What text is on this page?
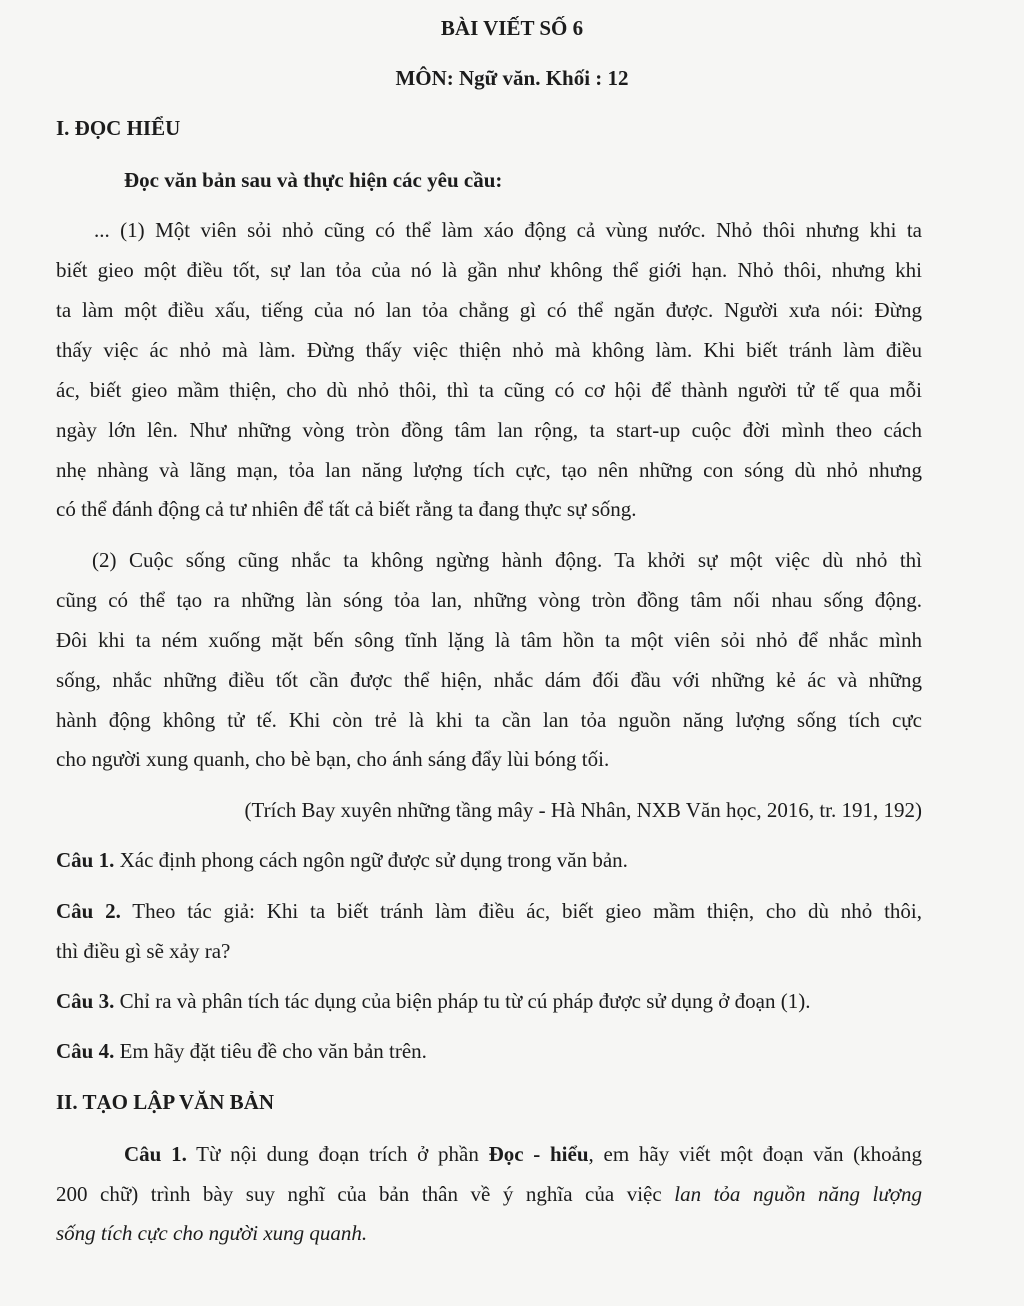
BÀI VIẾT SỐ 6
MÔN: Ngữ văn. Khối : 12
I. ĐỌC HIỂU
Đọc văn bản sau và thực hiện các yêu cầu:
... (1) Một viên sỏi nhỏ cũng có thể làm xáo động cả vùng nước. Nhỏ thôi nhưng khi ta
biết gieo một điều tốt, sự lan tỏa của nó là gần như không thể giới hạn. Nhỏ thôi, nhưng khi
ta làm một điều xấu, tiếng của nó lan tỏa chẳng gì có thể ngăn được. Người xưa nói: Đừng
thấy việc ác nhỏ mà làm. Đừng thấy việc thiện nhỏ mà không làm. Khi biết tránh làm điều
ác, biết gieo mầm thiện, cho dù nhỏ thôi, thì ta cũng có cơ hội để thành người tử tế qua mỗi
ngày lớn lên. Như những vòng tròn đồng tâm lan rộng, ta start-up cuộc đời mình theo cách
nhẹ nhàng và lãng mạn, tỏa lan năng lượng tích cực, tạo nên những con sóng dù nhỏ nhưng
có thể đánh động cả tư nhiên để tất cả biết rằng ta đang thực sự sống.
(2) Cuộc sống cũng nhắc ta không ngừng hành động. Ta khởi sự một việc dù nhỏ thì
cũng có thể tạo ra những làn sóng tỏa lan, những vòng tròn đồng tâm nối nhau sống động.
Đôi khi ta ném xuống mặt bến sông tĩnh lặng là tâm hồn ta một viên sỏi nhỏ để nhắc mình
sống, nhắc những điều tốt cần được thể hiện, nhắc dám đối đầu với những kẻ ác và những
hành động không tử tế. Khi còn trẻ là khi ta cần lan tỏa nguồn năng lượng sống tích cực
cho người xung quanh, cho bè bạn, cho ánh sáng đẩy lùi bóng tối.
(Trích Bay xuyên những tầng mây - Hà Nhân, NXB Văn học, 2016, tr. 191, 192)
Câu 1. Xác định phong cách ngôn ngữ được sử dụng trong văn bản.
Câu 2. Theo tác giả: Khi ta biết tránh làm điều ác, biết gieo mầm thiện, cho dù nhỏ thôi,
thì điều gì sẽ xảy ra?
Câu 3. Chỉ ra và phân tích tác dụng của biện pháp tu từ cú pháp được sử dụng ở đoạn (1).
Câu 4. Em hãy đặt tiêu đề cho văn bản trên.
II. TẠO LẬP VĂN BẢN
Câu 1. Từ nội dung đoạn trích ở phần Đọc - hiểu, em hãy viết một đoạn văn (khoảng
200 chữ) trình bày suy nghĩ của bản thân về ý nghĩa của việc lan tỏa nguồn năng lượng
sống tích cực cho người xung quanh.
